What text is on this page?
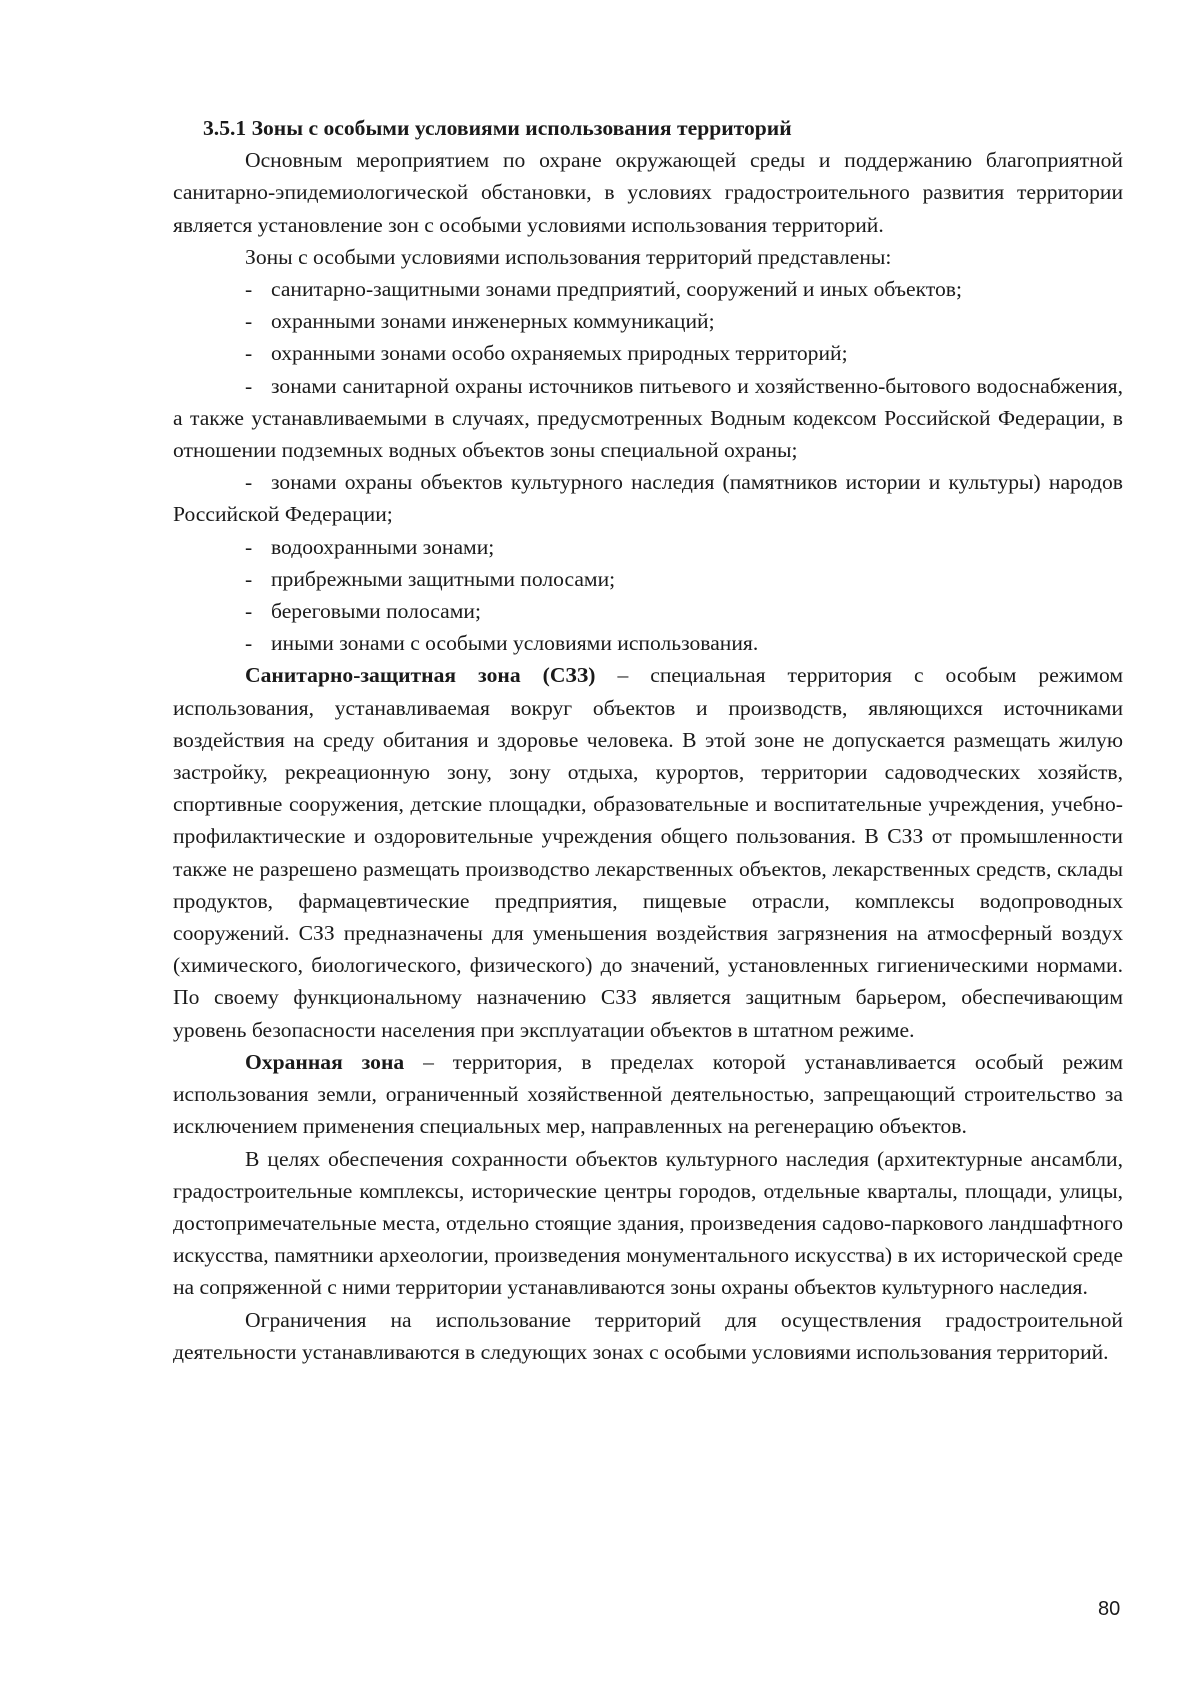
3.5.1 Зоны с особыми условиями использования территорий

Основным мероприятием по охране окружающей среды и поддержанию благоприятной санитарно-эпидемиологической обстановки, в условиях градостроительного развития территории является установление зон с особыми условиями использования территорий.

Зоны с особыми условиями использования территорий представлены:

- санитарно-защитными зонами предприятий, сооружений и иных объектов;
- охранными зонами инженерных коммуникаций;
- охранными зонами особо охраняемых природных территорий;
- зонами санитарной охраны источников питьевого и хозяйственно-бытового водоснабжения, а также устанавливаемыми в случаях, предусмотренных Водным кодексом Российской Федерации, в отношении подземных водных объектов зоны специальной охраны;
- зонами охраны объектов культурного наследия (памятников истории и культуры) народов Российской Федерации;
- водоохранными зонами;
- прибрежными защитными полосами;
- береговыми полосами;
- иными зонами с особыми условиями использования.

Санитарно-защитная зона (СЗЗ) – специальная территория с особым режимом использования, устанавливаемая вокруг объектов и производств, являющихся источниками воздействия на среду обитания и здоровье человека. В этой зоне не допускается размещать жилую застройку, рекреационную зону, зону отдыха, курортов, территории садоводческих хозяйств, спортивные сооружения, детские площадки, образовательные и воспитательные учреждения, учебно-профилактические и оздоровительные учреждения общего пользования. В СЗЗ от промышленности также не разрешено размещать производство лекарственных объектов, лекарственных средств, склады продуктов, фармацевтические предприятия, пищевые отрасли, комплексы водопроводных сооружений. СЗЗ предназначены для уменьшения воздействия загрязнения на атмосферный воздух (химического, биологического, физического) до значений, установленных гигиеническими нормами. По своему функциональному назначению СЗЗ является защитным барьером, обеспечивающим уровень безопасности населения при эксплуатации объектов в штатном режиме.

Охранная зона – территория, в пределах которой устанавливается особый режим использования земли, ограниченный хозяйственной деятельностью, запрещающий строительство за исключением применения специальных мер, направленных на регенерацию объектов.

В целях обеспечения сохранности объектов культурного наследия (архитектурные ансамбли, градостроительные комплексы, исторические центры городов, отдельные кварталы, площади, улицы, достопримечательные места, отдельно стоящие здания, произведения садово-паркового ландшафтного искусства, памятники археологии, произведения монументального искусства) в их исторической среде на сопряженной с ними территории устанавливаются зоны охраны объектов культурного наследия.

Ограничения на использование территорий для осуществления градостроительной деятельности устанавливаются в следующих зонах с особыми условиями использования территорий.

80
